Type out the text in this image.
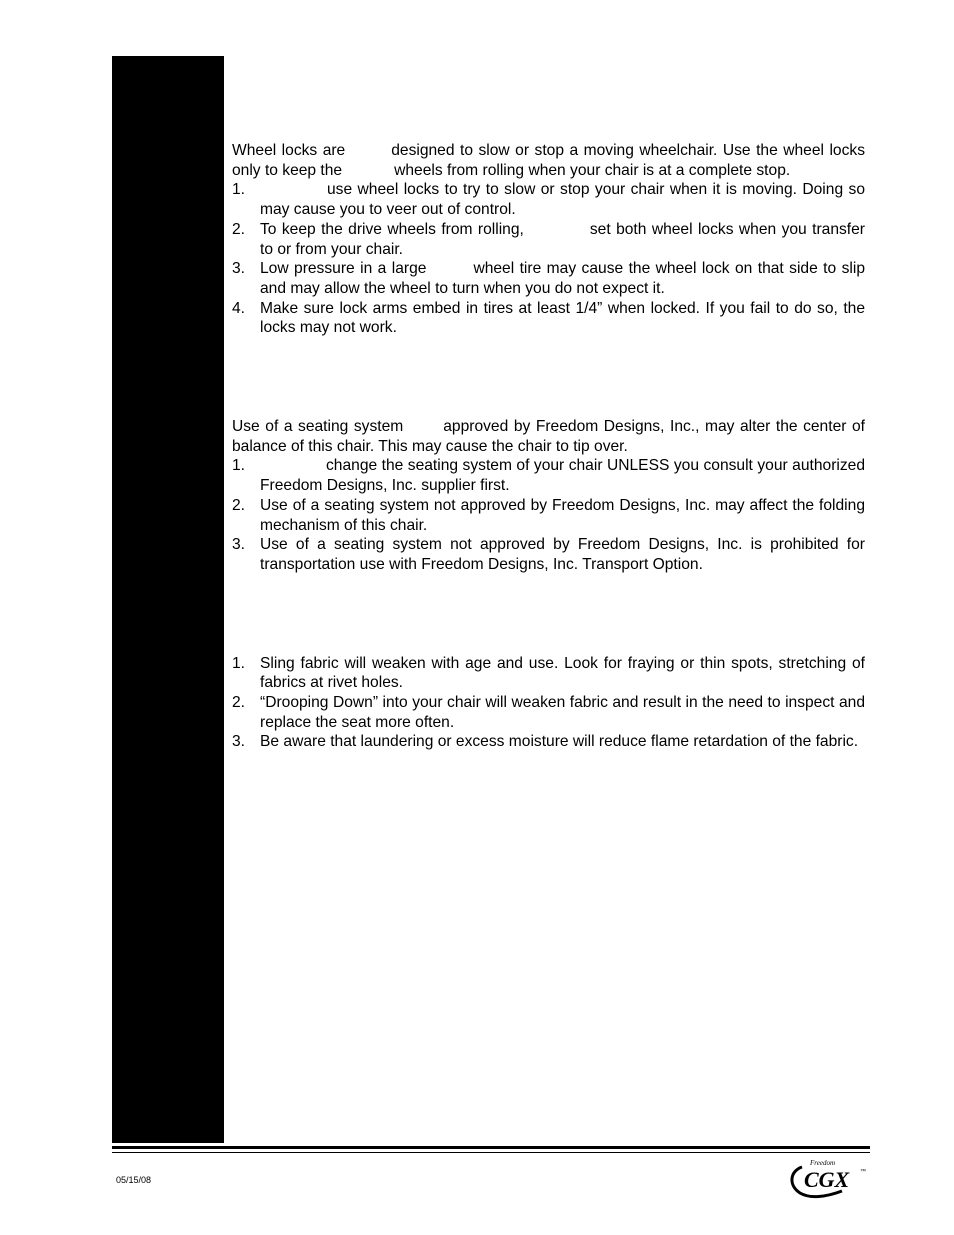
Wheel locks are	designed to slow or stop a moving wheelchair. Use the wheel locks only to keep the	wheels from rolling when your chair is at a complete stop.

1.	use wheel locks to try to slow or stop your chair when it is moving. Doing so may cause you to veer out of control.
2. To keep the drive wheels from rolling,	set both wheel locks when you transfer to or from your chair.
3. Low pressure in a large	wheel tire may cause the wheel lock on that side to slip and may allow the wheel to turn when you do not expect it.
4. Make sure lock arms embed in tires at least 1/4” when locked. If you fail to do so, the locks may not work.

Use of a seating system	approved by Freedom Designs, Inc., may alter the center of balance of this chair. This may cause the chair to tip over.

1.	change the seating system of your chair UNLESS you consult your authorized Freedom Designs, Inc. supplier first.
2. Use of a seating system not approved by Freedom Designs, Inc. may affect the folding mechanism of this chair.
3. Use of a seating system not approved by Freedom Designs, Inc. is prohibited for transportation use with Freedom Designs, Inc. Transport Option.
1. Sling fabric will weaken with age and use. Look for fraying or thin spots, stretching of fabrics at rivet holes.
2. “Drooping Down” into your chair will weaken fabric and result in the need to inspect and replace the seat more often.
3. Be aware that laundering or excess moisture will reduce flame retardation of the fabric.
05/15/08
Freedom
CGX ™
